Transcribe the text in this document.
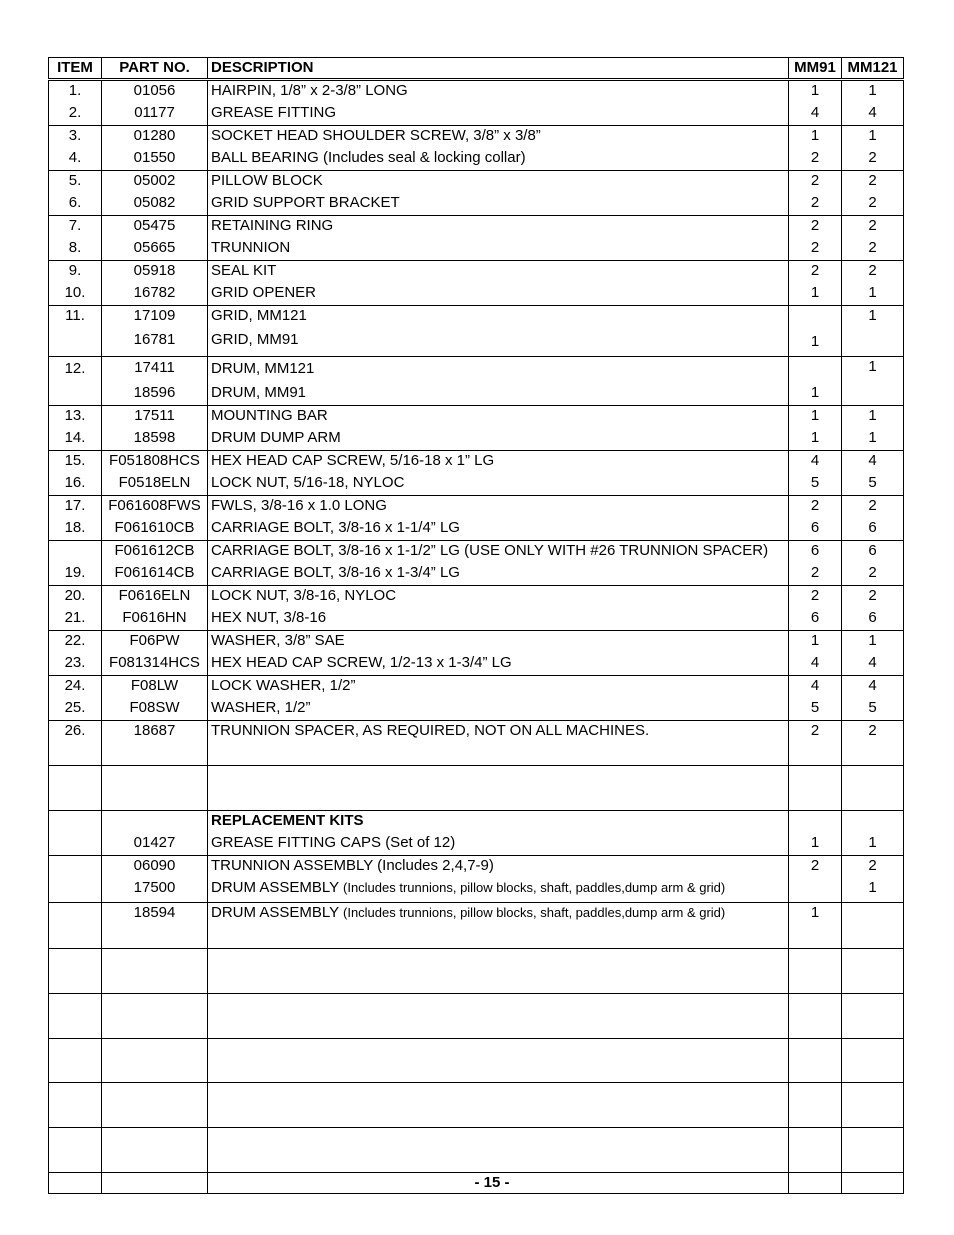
ITEM	PART NO.	DESCRIPTION	MM91	MM121
1.	01056	HAIRPIN, 1/8” x 2-3/8” LONG	1	1
2.	01177	GREASE FITTING	4	4
3.	01280	SOCKET HEAD SHOULDER SCREW, 3/8” x 3/8”	1	1
4.	01550	BALL BEARING (Includes seal & locking collar)	2	2
5.	05002	PILLOW BLOCK	2	2
6.	05082	GRID SUPPORT BRACKET	2	2
7.	05475	RETAINING RING	2	2
8.	05665	TRUNNION	2	2
9.	05918	SEAL KIT	2	2
10.	16782	GRID OPENER	1	1
11.	17109	GRID, MM121		1
	16781	GRID, MM91	1	
12.	17411	DRUM, MM121		1
	18596	DRUM, MM91	1	
13.	17511	MOUNTING BAR	1	1
14.	18598	DRUM DUMP ARM	1	1
15.	F051808HCS	HEX HEAD CAP SCREW, 5/16-18 x 1” LG	4	4
16.	F0518ELN	LOCK NUT, 5/16-18, NYLOC	5	5
17.	F061608FWS	FWLS, 3/8-16 x 1.0 LONG	2	2
18.	F061610CB	CARRIAGE BOLT, 3/8-16 x 1-1/4” LG	6	6
	F061612CB	CARRIAGE BOLT, 3/8-16 x 1-1/2” LG (USE ONLY WITH #26 TRUNNION SPACER)	6	6
19.	F061614CB	CARRIAGE BOLT, 3/8-16 x 1-3/4” LG	2	2
20.	F0616ELN	LOCK NUT, 3/8-16, NYLOC	2	2
21.	F0616HN	HEX NUT, 3/8-16	6	6
22.	F06PW	WASHER, 3/8” SAE	1	1
23.	F081314HCS	HEX HEAD CAP SCREW, 1/2-13 x 1-3/4” LG	4	4
24.	F08LW	LOCK WASHER, 1/2”	4	4
25.	F08SW	WASHER, 1/2”	5	5
26.	18687	TRUNNION SPACER, AS REQUIRED, NOT ON ALL MACHINES.	2	2

		REPLACEMENT KITS		
	01427	GREASE FITTING CAPS (Set of 12)	1	1
	06090	TRUNNION ASSEMBLY (Includes 2,4,7-9)	2	2
	17500	DRUM ASSEMBLY (Includes trunnions, pillow blocks, shaft, paddles,dump arm & grid)		1
	18594	DRUM ASSEMBLY (Includes trunnions, pillow blocks, shaft, paddles,dump arm & grid)	1	

- 15 -
